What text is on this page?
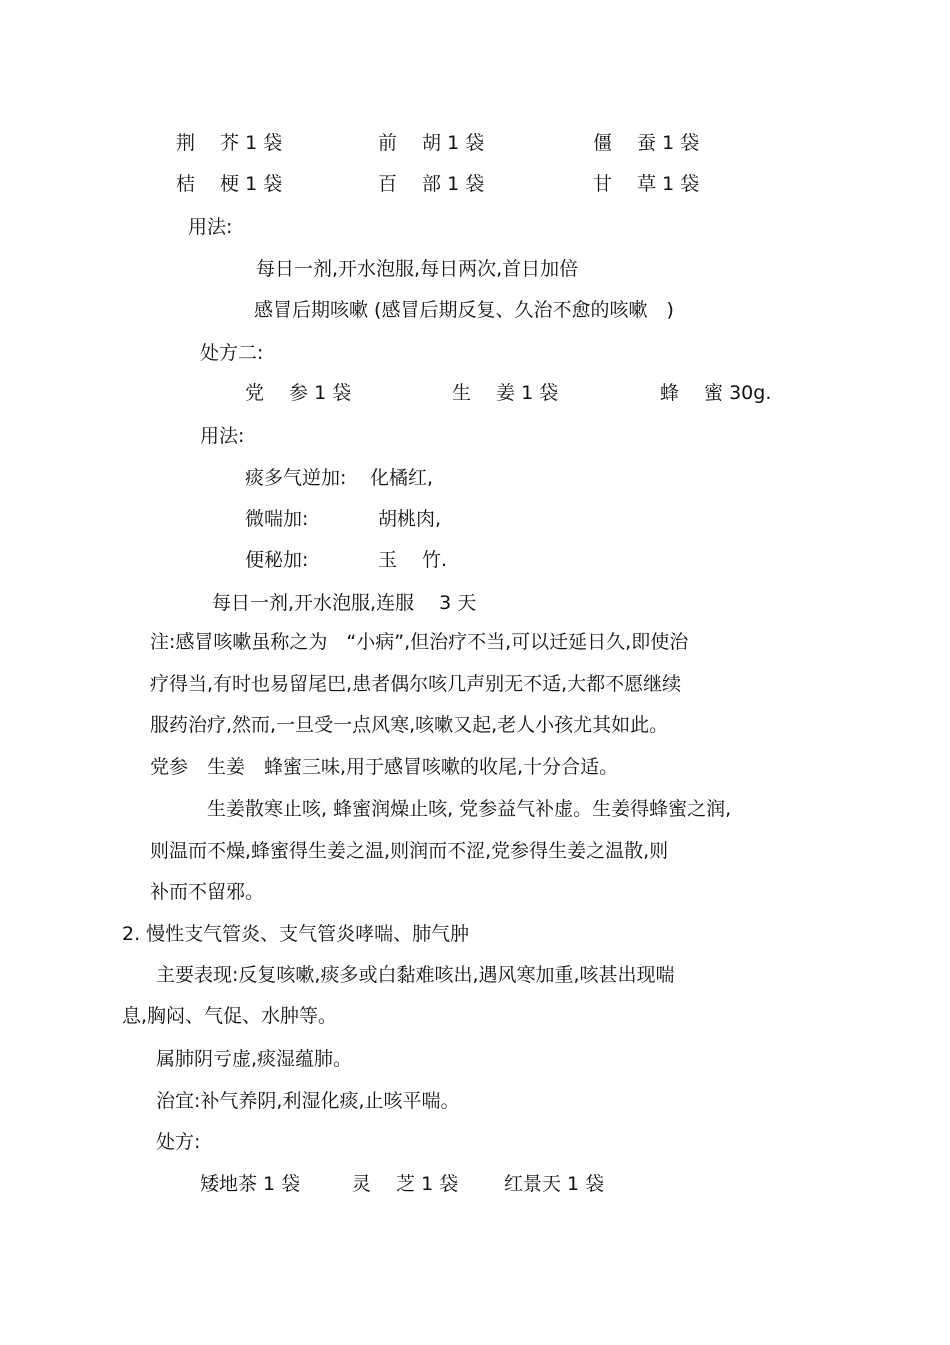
荆　 芥 1 袋	前　 胡 1 袋	僵　 蚕 1 袋
桔　 梗 1 袋	百　 部 1 袋	甘　 草 1 袋
用法:
每日一剂,开水泡服,每日两次,首日加倍
感冒后期咳嗽 (感冒后期反复、久治不愈的咳嗽　)
处方二:
党　 参 1 袋	生　 姜 1 袋	蜂　 蜜 30g.
用法:
痰多气逆加: 化橘红,
微喘加:	胡桃肉,
便秘加:	玉　 竹.
每日一剂,开水泡服,连服　 3 天
注:感冒咳嗽虽称之为　“小病”,但治疗不当,可以迁延日久,即使治
疗得当,有时也易留尾巴,患者偶尔咳几声别无不适,大都不愿继续
服药治疗,然而,一旦受一点风寒,咳嗽又起,老人小孩尤其如此。
党参　生姜　蜂蜜三味,用于感冒咳嗽的收尾,十分合适。
生姜散寒止咳, 蜂蜜润燥止咳, 党参益气补虚。生姜得蜂蜜之润,
则温而不燥,蜂蜜得生姜之温,则润而不涩,党参得生姜之温散,则
补而不留邪。
2. 慢性支气管炎、支气管炎哮喘、肺气肿
主要表现:反复咳嗽,痰多或白黏难咳出,遇风寒加重,咳甚出现喘
息,胸闷、气促、水肿等。
属肺阴亏虚,痰湿蕴肺。
治宜:补气养阴,利湿化痰,止咳平喘。
处方:
矮地茶 1 袋	灵　 芝 1 袋 红景天 1 袋
